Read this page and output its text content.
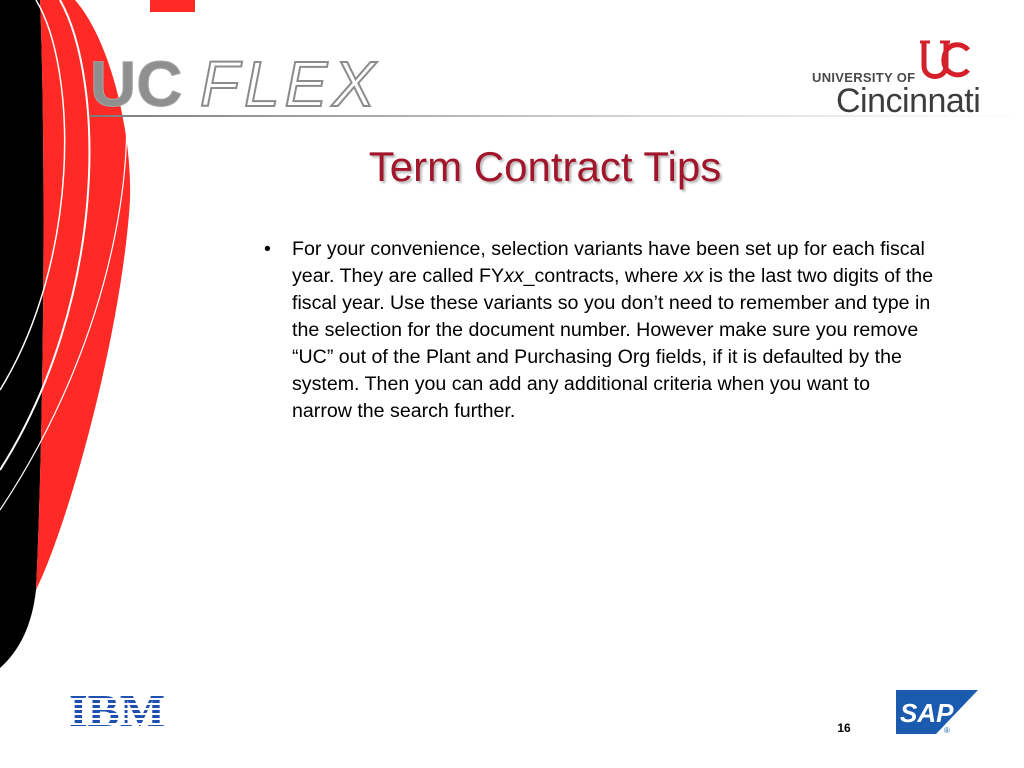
UC FLEX	UNIVERSITY OF
Cincinnati
Term Contract Tips
• For your convenience, selection variants have been set up for each fiscal year. They are called FYxx_contracts, where xx is the last two digits of the fiscal year. Use these variants so you don’t need to remember and type in the selection for the document number. However make sure you remove “UC” out of the Plant and Purchasing Org fields, if it is defaulted by the system. Then you can add any additional criteria when you want to narrow the search further.
IBM	SAP
®
16
